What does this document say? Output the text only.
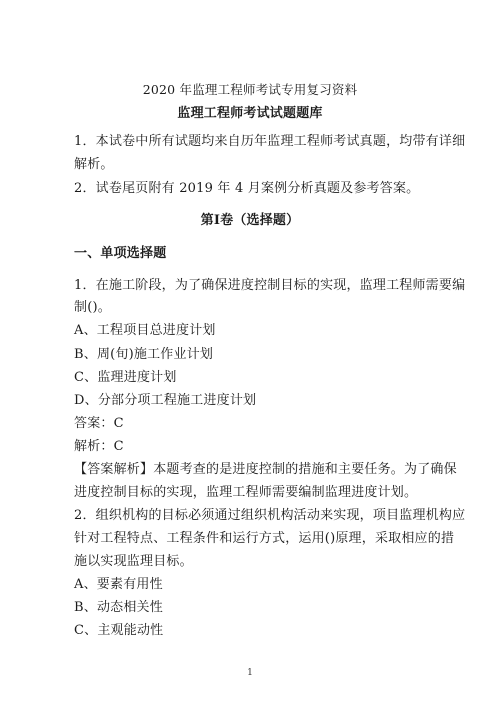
2020 年监理工程师考试专用复习资料
监理工程师考试试题题库
1．本试卷中所有试题均来自历年监理工程师考试真题，均带有详细
解析。
2．试卷尾页附有 2019 年 4 月案例分析真题及参考答案。
第Ⅰ卷（选择题）
一、单项选择题
1．在施工阶段，为了确保进度控制目标的实现，监理工程师需要编
制()。
A、工程项目总进度计划
B、周(旬)施工作业计划
C、监理进度计划
D、分部分项工程施工进度计划
答案：C
解析：C
【答案解析】本题考查的是进度控制的措施和主要任务。为了确保
进度控制目标的实现，监理工程师需要编制监理进度计划。
2．组织机构的目标必须通过组织机构活动来实现，项目监理机构应
针对工程特点、工程条件和运行方式，运用()原理，采取相应的措
施以实现监理目标。
A、要素有用性
B、动态相关性
C、主观能动性
1
